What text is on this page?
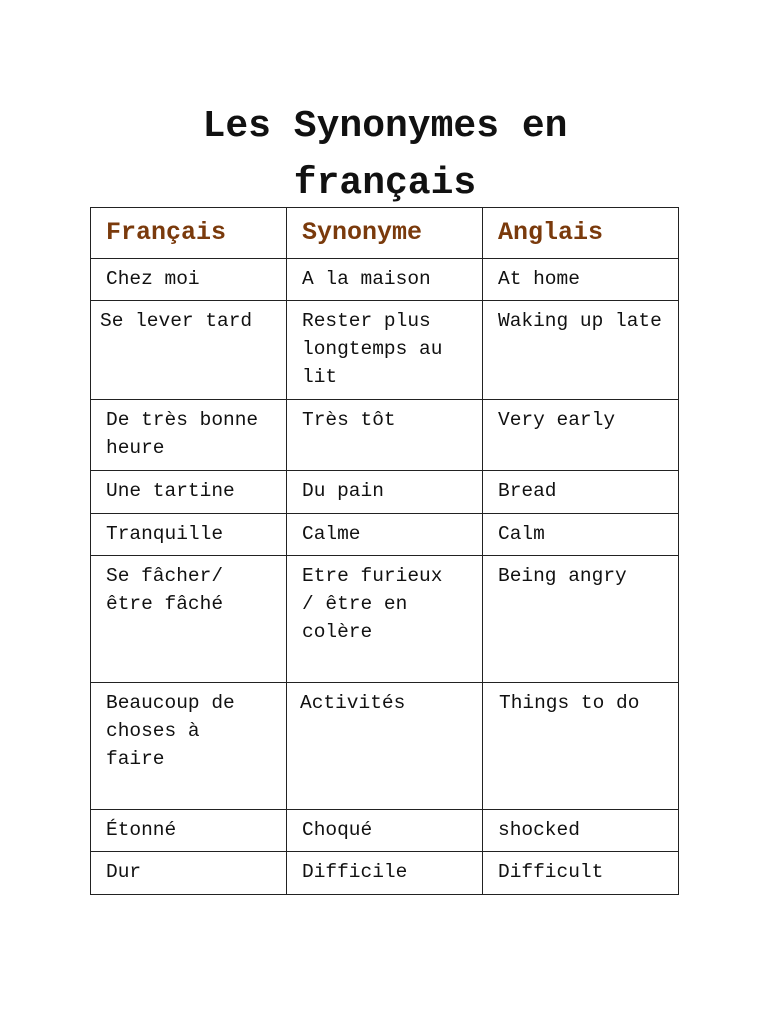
Les Synonymes en français
Français	Synonyme	Anglais
Chez moi	A la maison	At home
Se lever tard	Rester plus longtemps au  lit	Waking up late
De très bonne heure	Très tôt	Very early
Une tartine	Du pain	Bread
Tranquille	Calme	Calm
Se fâcher/ être fâché	Etre furieux  / être en colère	Being angry
Beaucoup de  choses à faire	Activités	Things to do
Étonné	Choqué	shocked
Dur	Difficile	Difficult
